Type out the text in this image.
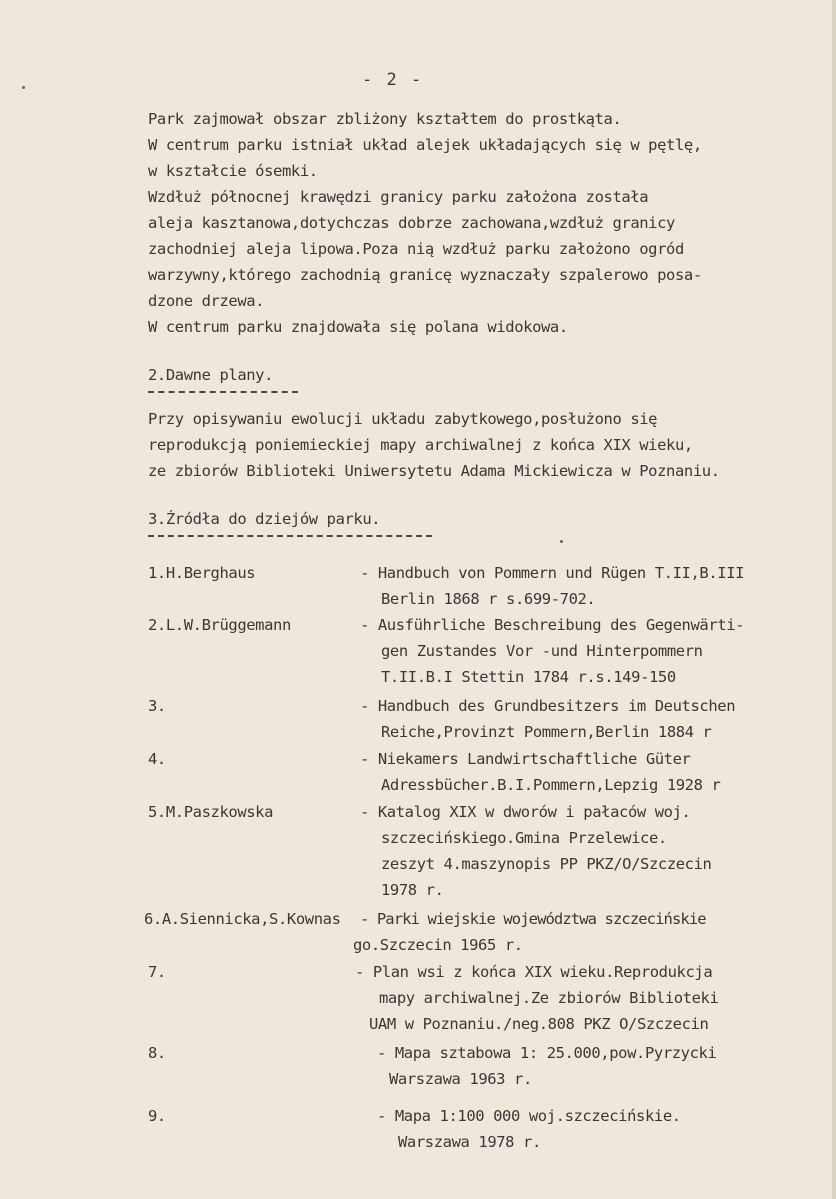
- 2 -
Park zajmował obszar zbliżony kształtem do prostkąta.
W centrum parku istniał układ alejek układających się w pętlę,
w kształcie ósemki.
Wzdłuż północnej krawędzi granicy parku założona została
aleja kasztanowa,dotychczas dobrze zachowana,wzdłuż granicy
zachodniej aleja lipowa.Poza nią wzdłuż parku założono ogród
warzywny,którego zachodnią granicę wyznaczały szpalerowo posa-
dzone drzewa.
W centrum parku znajdowała się polana widokowa.
2.Dawne plany.
Przy opisywaniu ewolucji układu zabytkowego,posłużono się
reprodukcją poniemieckiej mapy archiwalnej z końca XIX wieku,
ze zbiorów Biblioteki Uniwersytetu Adama Mickiewicza w Poznaniu.
3.Źródła do dziejów parku.
1.H.Berghaus	- Handbuch von Pommern und Rügen T.II,B.III
Berlin 1868 r s.699-702.
2.L.W.Brüggemann	- Ausführliche Beschreibung des Gegenwärti-
gen Zustandes Vor -und Hinterpommern
T.II.B.I Stettin 1784 r.s.149-150
3.	- Handbuch des Grundbesitzers im Deutschen
Reiche,Provinzt Pommern,Berlin 1884 r
4.	- Niekamers Landwirtschaftliche Güter
Adressbücher.B.I.Pommern,Lepzig 1928 r
5.M.Paszkowska	- Katalog XIX w dworów i pałaców woj.
szczecińskiego.Gmina Przelewice.
zeszyt 4.maszynopis PP PKZ/O/Szczecin
1978 r.
6.A.Siennicka,S.Kownas - Parki wiejskie województwa szczecińskie
go.Szczecin 1965 r.
7.	- Plan wsi z końca XIX wieku.Reprodukcja
mapy archiwalnej.Ze zbiorów Biblioteki
UAM w Poznaniu./neg.808 PKZ O/Szczecin
8.	- Mapa sztabowa 1: 25.000,pow.Pyrzycki
Warszawa 1963 r.
9.	- Mapa 1:100 000 woj.szczecińskie.
Warszawa 1978 r.
